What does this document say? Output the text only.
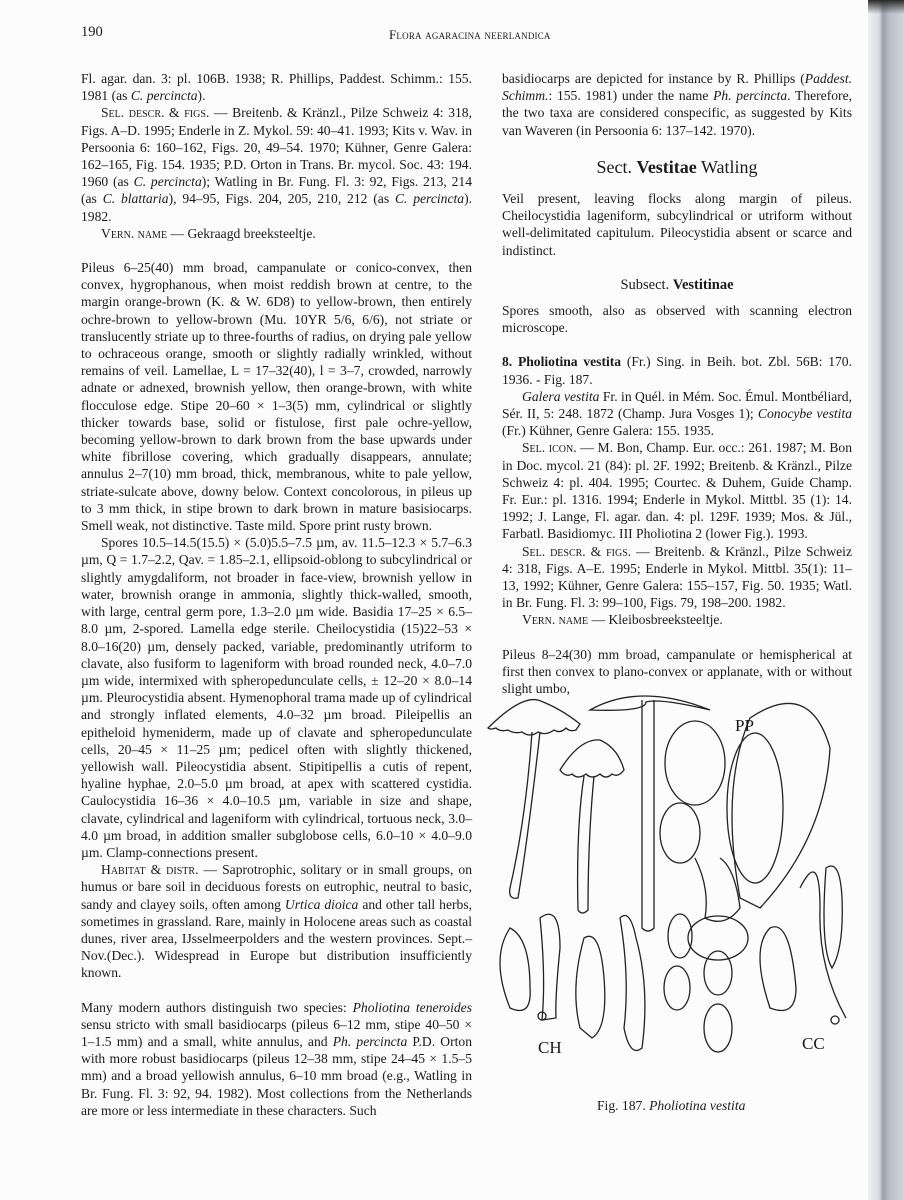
190	Flora agaracina neerlandica

Fl. agar. dan. 3: pl. 106B. 1938; R. Phillips, Paddest. Schimm.: 155. 1981 (as C. percincta).

Sel. descr. & figs. — Breitenb. & Kränzl., Pilze Schweiz 4: 318, Figs. A–D. 1995; Enderle in Z. Mykol. 59: 40–41. 1993; Kits v. Wav. in Persoonia 6: 160–162, Figs. 20, 49–54. 1970; Kühner, Genre Galera: 162–165, Fig. 154. 1935; P.D. Orton in Trans. Br. mycol. Soc. 43: 194. 1960 (as C. percincta); Watling in Br. Fung. Fl. 3: 92, Figs. 213, 214 (as C. blattaria), 94–95, Figs. 204, 205, 210, 212 (as C. percincta). 1982.

Vern. name — Gekraagd breeksteeltje.

Pileus 6–25(40) mm broad, campanulate or conico-convex, then convex, hygrophanous, when moist reddish brown at centre, to the margin orange-brown (K. & W. 6D8) to yellow-brown, then entirely ochre-brown to yellow-brown (Mu. 10YR 5/6, 6/6), not striate or translucently striate up to three-fourths of radius, on drying pale yellow to ochraceous orange, smooth or slightly radially wrinkled, without remains of veil. Lamellae, L = 17–32(40), l = 3–7, crowded, narrowly adnate or adnexed, brownish yellow, then orange-brown, with white flocculose edge. Stipe 20–60 × 1–3(5) mm, cylindrical or slightly thicker towards base, solid or fistulose, first pale ochre-yellow, becoming yellow-brown to dark brown from the base upwards under white fibrillose covering, which gradually disappears, annulate; annulus 2–7(10) mm broad, thick, membranous, white to pale yellow, striate-sulcate above, downy below. Context concolorous, in pileus up to 3 mm thick, in stipe brown to dark brown in mature basisiocarps. Smell weak, not distinctive. Taste mild. Spore print rusty brown.

Spores 10.5–14.5(15.5) × (5.0)5.5–7.5 µm, av. 11.5–12.3 × 5.7–6.3 µm, Q = 1.7–2.2, Qav. = 1.85–2.1, ellipsoid-oblong to subcylindrical or slightly amygdaliform, not broader in face-view, brownish yellow in water, brownish orange in ammonia, slightly thick-walled, smooth, with large, central germ pore, 1.3–2.0 µm wide. Basidia 17–25 × 6.5–8.0 µm, 2-spored. Lamella edge sterile. Cheilocystidia (15)22–53 × 8.0–16(20) µm, densely packed, variable, predominantly utriform to clavate, also fusiform to lageniform with broad rounded neck, 4.0–7.0 µm wide, intermixed with spheropedunculate cells, ± 12–20 × 8.0–14 µm. Pleurocystidia absent. Hymenophoral trama made up of cylindrical and strongly inflated elements, 4.0–32 µm broad. Pileipellis an epitheloid hymeniderm, made up of clavate and spheropedunculate cells, 20–45 × 11–25 µm; pedicel often with slightly thickened, yellowish wall. Pileocystidia absent. Stipitipellis a cutis of repent, hyaline hyphae, 2.0–5.0 µm broad, at apex with scattered cystidia. Caulocystidia 16–36 × 4.0–10.5 µm, variable in size and shape, clavate, cylindrical and lageniform with cylindrical, tortuous neck, 3.0–4.0 µm broad, in addition smaller subglobose cells, 6.0–10 × 4.0–9.0 µm. Clamp-connections present.

Habitat & distr. — Saprotrophic, solitary or in small groups, on humus or bare soil in deciduous forests on eutrophic, neutral to basic, sandy and clayey soils, often among Urtica dioica and other tall herbs, sometimes in grassland. Rare, mainly in Holocene areas such as coastal dunes, river area, IJsselmeerpolders and the western provinces. Sept.–Nov.(Dec.). Widespread in Europe but distribution insufficiently known.

Many modern authors distinguish two species: Pholiotina teneroides sensu stricto with small basidiocarps (pileus 6–12 mm, stipe 40–50 × 1–1.5 mm) and a small, white annulus, and Ph. percincta P.D. Orton with more robust basidiocarps (pileus 12–38 mm, stipe 24–45 × 1.5–5 mm) and a broad yellowish annulus, 6–10 mm broad (e.g., Watling in Br. Fung. Fl. 3: 92, 94. 1982). Most collections from the Netherlands are more or less intermediate in these characters. Such

basidiocarps are depicted for instance by R. Phillips (Paddest. Schimm.: 155. 1981) under the name Ph. percincta. Therefore, the two taxa are considered conspecific, as suggested by Kits van Waveren (in Persoonia 6: 137–142. 1970).

Sect. Vestitae Watling

Veil present, leaving flocks along margin of pileus. Cheilocystidia lageniform, subcylindrical or utriform without well-delimitated capitulum. Pileocystidia absent or scarce and indistinct.

Subsect. Vestitinae

Spores smooth, also as observed with scanning electron microscope.

8. Pholiotina vestita (Fr.) Sing. in Beih. bot. Zbl. 56B: 170. 1936. - Fig. 187.

Galera vestita Fr. in Quél. in Mém. Soc. Émul. Montbéliard, Sér. II, 5: 248. 1872 (Champ. Jura Vosges 1); Conocybe vestita (Fr.) Kühner, Genre Galera: 155. 1935.

Sel. icon. — M. Bon, Champ. Eur. occ.: 261. 1987; M. Bon in Doc. mycol. 21 (84): pl. 2F. 1992; Breitenb. & Kränzl., Pilze Schweiz 4: pl. 404. 1995; Courtec. & Duhem, Guide Champ. Fr. Eur.: pl. 1316. 1994; Enderle in Mykol. Mittbl. 35 (1): 14. 1992; J. Lange, Fl. agar. dan. 4: pl. 129F. 1939; Mos. & Jül., Farbatl. Basidiomyc. III Pholiotina 2 (lower Fig.). 1993.

Sel. descr. & figs. — Breitenb. & Kränzl., Pilze Schweiz 4: 318, Figs. A–E. 1995; Enderle in Mykol. Mittbl. 35(1): 11–13, 1992; Kühner, Genre Galera: 155–157, Fig. 50. 1935; Watl. in Br. Fung. Fl. 3: 99–100, Figs. 79, 198–200. 1982.

Vern. name — Kleibosbreeksteeltje.

Pileus 8–24(30) mm broad, campanulate or hemispherical at first then convex to plano-convex or applanate, with or without slight umbo,

PP
CH	CC
Fig. 187. Pholiotina vestita
